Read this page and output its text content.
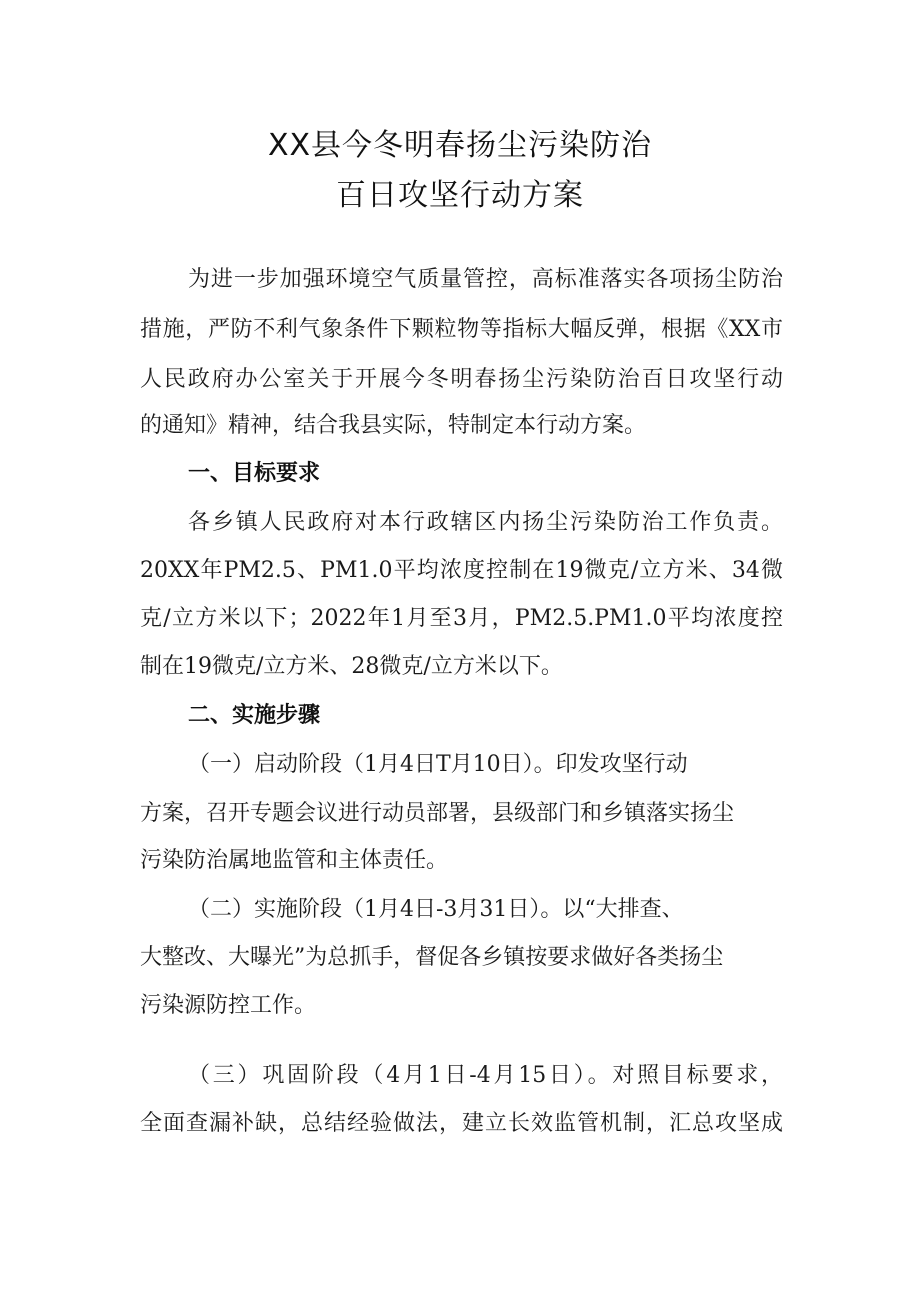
XX县今冬明春扬尘污染防治
百日攻坚行动方案
为进一步加强环境空气质量管控，高标准落实各项扬尘防治
措施，严防不利气象条件下颗粒物等指标大幅反弹，根据《XX市
人民政府办公室关于开展今冬明春扬尘污染防治百日攻坚行动
的通知》精神，结合我县实际，特制定本行动方案。
一、目标要求
各乡镇人民政府对本行政辖区内扬尘污染防治工作负责。
20XX年PM2.5、PM1.0平均浓度控制在19微克/立方米、34微
克/立方米以下；2022年1月至3月，PM2.5.PM1.0平均浓度控
制在19微克/立方米、28微克/立方米以下。
二、实施步骤
（一）启动阶段（1月4日T月10日）。印发攻坚行动
方案，召开专题会议进行动员部署，县级部门和乡镇落实扬尘
污染防治属地监管和主体责任。
（二）实施阶段（1月4日-3月31日）。以“大排查、
大整改、大曝光”为总抓手，督促各乡镇按要求做好各类扬尘
污染源防控工作。
（三）巩固阶段（4月1日-4月15日）。对照目标要求，
全面查漏补缺，总结经验做法，建立长效监管机制，汇总攻坚成
